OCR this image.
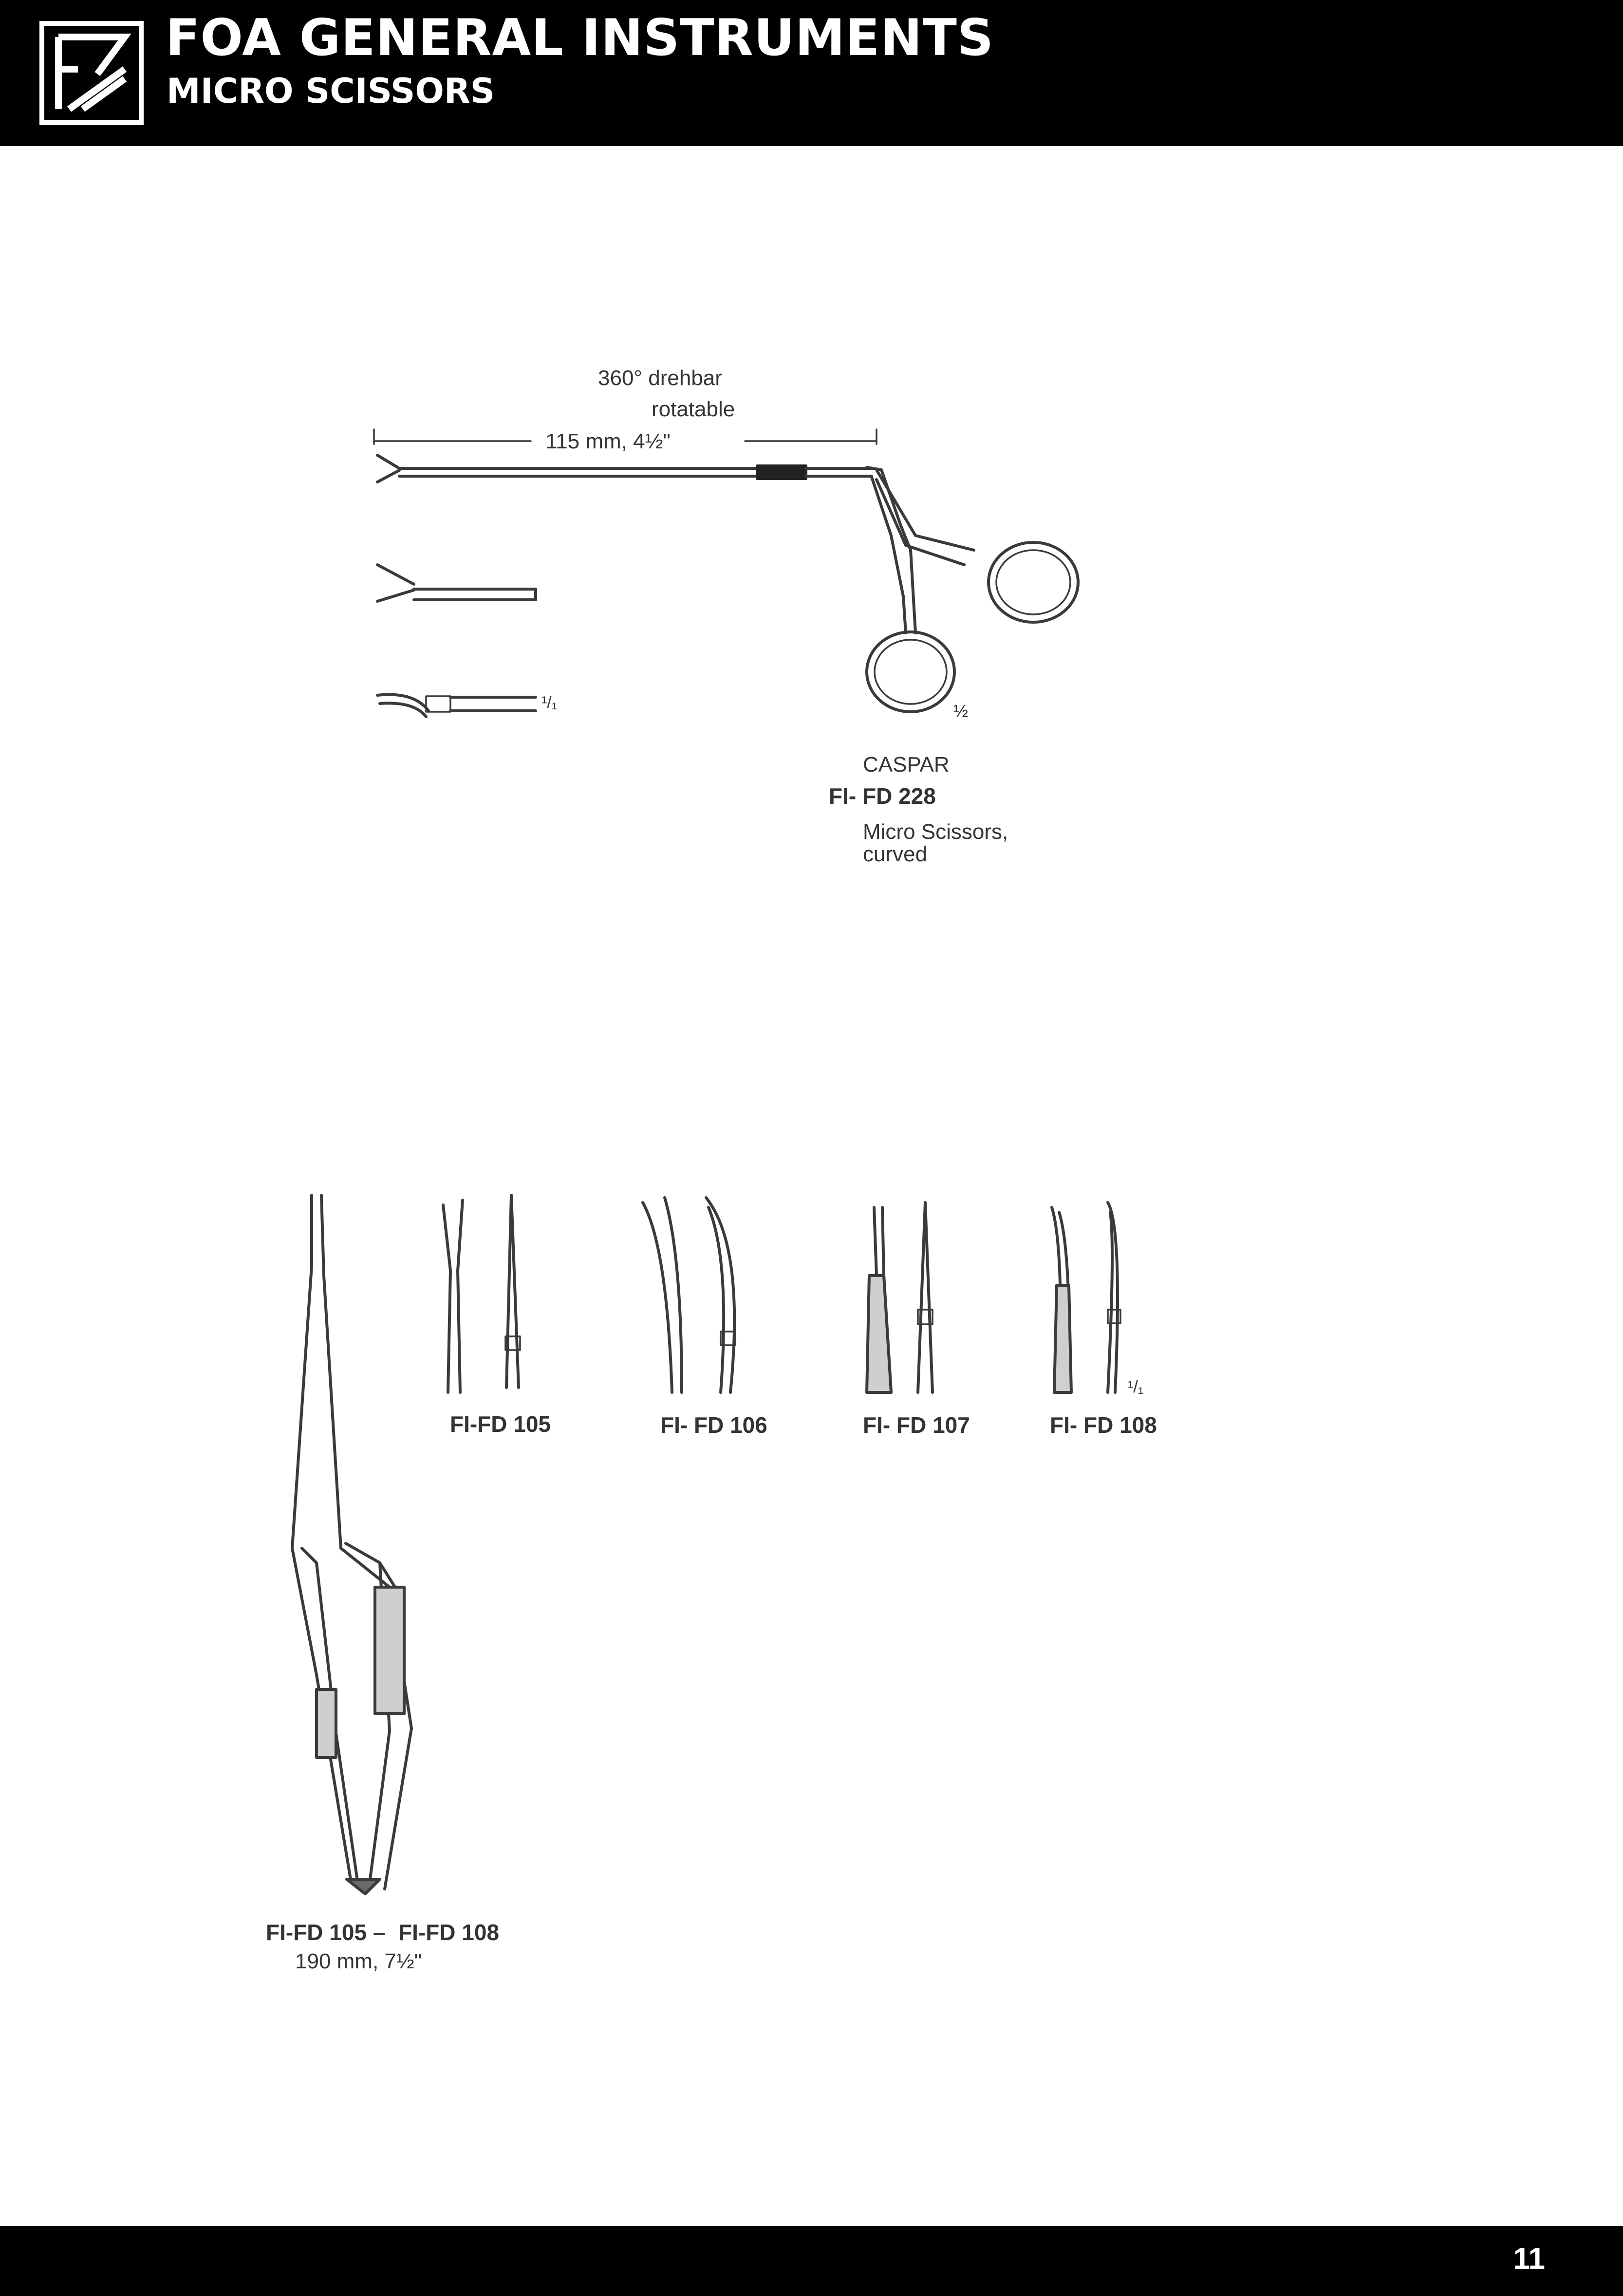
FOA GENERAL INSTRUMENTS
MICRO SCISSORS
360° drehbar
rotatable
115 mm, 4½"
½
¹/₁
CASPAR
FI- FD 228
Micro Scissors,
curved
FI-FD 105	FI- FD 106	FI- FD 107	FI- FD 108
¹/₁
FI-FD 105 – FI-FD 108
190 mm, 7½"
11
